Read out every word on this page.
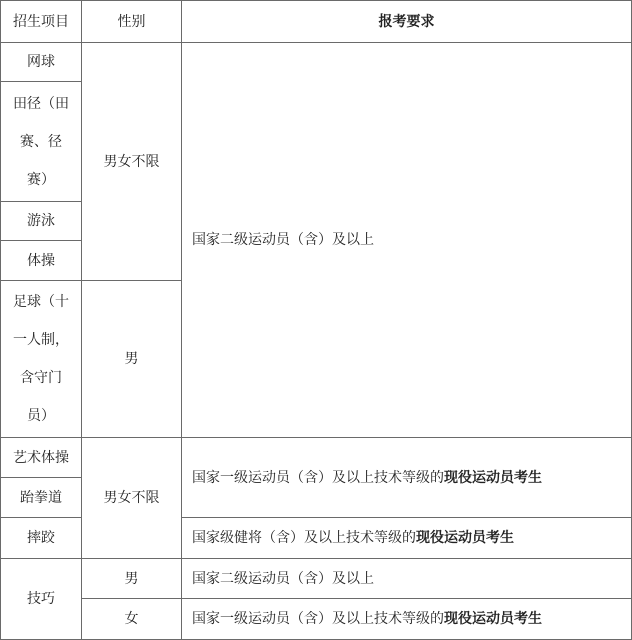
招生项目	性别	报考要求
网球
田径（田
赛、径
赛）
游泳
体操
足球（十
一人制，
含守门
员）
男女不限
男
国家二级运动员（含）及以上
艺术体操
跆拳道
摔跤
男女不限
国家一级运动员（含）及以上技术等级的 现役运动员考生
国家级健将（含）及以上技术等级的 现役运动员考生
技巧
男
女
国家二级运动员（含）及以上
国家一级运动员（含）及以上技术等级的 现役运动员考生
